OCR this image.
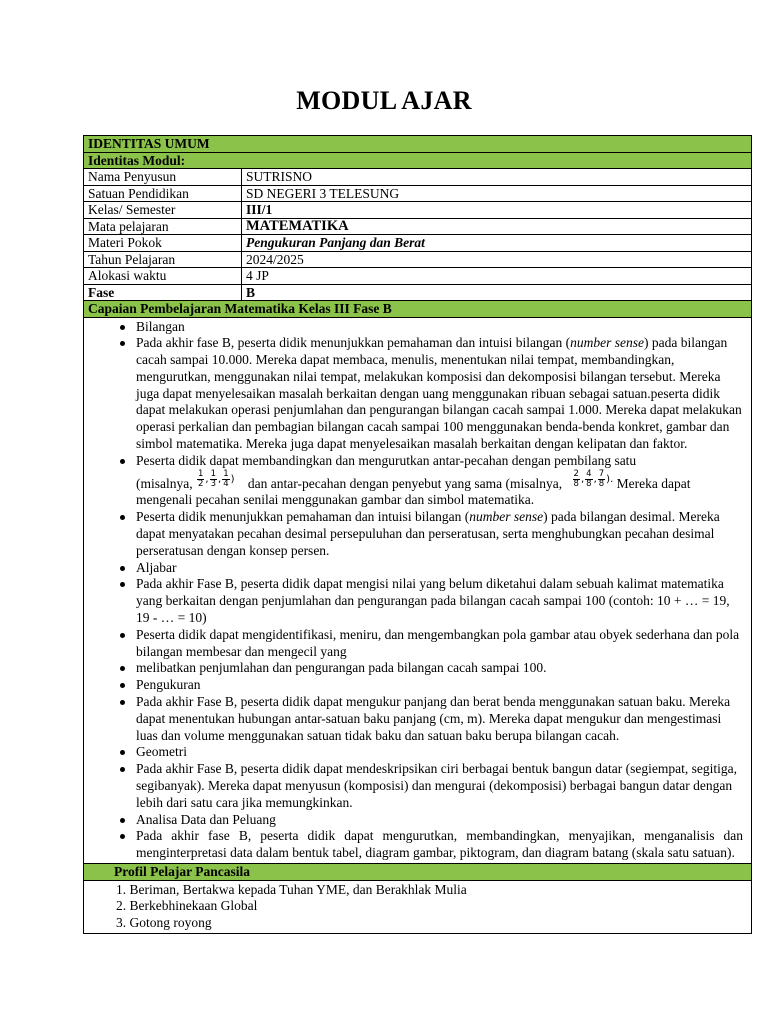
MODUL AJAR
IDENTITAS UMUM
Identitas Modul:
Nama Penyusun	SUTRISNO
Satuan Pendidikan	SD NEGERI 3 TELESUNG
Kelas/ Semester	III/1
Mata pelajaran	MATEMATIKA
Materi Pokok	Pengukuran Panjang dan Berat
Tahun Pelajaran	2024/2025
Alokasi waktu	4 JP
Fase	B
Capaian Pembelajaran Matematika Kelas III Fase B
Bilangan
Pada akhir fase B, peserta didik menunjukkan pemahaman dan intuisi bilangan (number sense) pada bilangan cacah sampai 10.000. Mereka dapat membaca, menulis, menentukan nilai tempat, membandingkan, mengurutkan, menggunakan nilai tempat, melakukan komposisi dan dekomposisi bilangan tersebut. Mereka juga dapat menyelesaikan masalah berkaitan dengan uang menggunakan ribuan sebagai satuan.peserta didik dapat melakukan operasi penjumlahan dan pengurangan bilangan cacah sampai 1.000. Mereka dapat melakukan operasi perkalian dan pembagian bilangan cacah sampai 100 menggunakan benda-benda konkret, gambar dan simbol matematika. Mereka juga dapat menyelesaikan masalah berkaitan dengan kelipatan dan faktor.
Peserta didik dapat membandingkan dan mengurutkan antar-pecahan dengan pembilang satu
(misalnya, $\frac{1}{2}$ , $\frac{1}{3}$ , $\frac{1}{4}$ ) dan antar-pecahan dengan penyebut yang sama (misalnya, $\frac{2}{8}$ , $\frac{4}{8}$ , $\frac{7}{8}$ ). Mereka dapat mengenali pecahan senilai menggunakan gambar dan simbol matematika.
Peserta didik menunjukkan pemahaman dan intuisi bilangan (number sense) pada bilangan desimal. Mereka dapat menyatakan pecahan desimal persepuluhan dan perseratusan, serta menghubungkan pecahan desimal perseratusan dengan konsep persen.
Aljabar
Pada akhir Fase B, peserta didik dapat mengisi nilai yang belum diketahui dalam sebuah kalimat matematika yang berkaitan dengan penjumlahan dan pengurangan pada bilangan cacah sampai 100 (contoh: 10 + … = 19, 19 - … = 10)
Peserta didik dapat mengidentifikasi, meniru, dan mengembangkan pola gambar atau obyek sederhana dan pola bilangan membesar dan mengecil yang
melibatkan penjumlahan dan pengurangan pada bilangan cacah sampai 100.
Pengukuran
Pada akhir Fase B, peserta didik dapat mengukur panjang dan berat benda menggunakan satuan baku. Mereka dapat menentukan hubungan antar-satuan baku panjang (cm, m). Mereka dapat mengukur dan mengestimasi luas dan volume menggunakan satuan tidak baku dan satuan baku berupa bilangan cacah.
Geometri
Pada akhir Fase B, peserta didik dapat mendeskripsikan ciri berbagai bentuk bangun datar (segiempat, segitiga, segibanyak). Mereka dapat menyusun (komposisi) dan mengurai (dekomposisi) berbagai bangun datar dengan lebih dari satu cara jika memungkinkan.
Analisa Data dan Peluang
Pada akhir fase B, peserta didik dapat mengurutkan, membandingkan, menyajikan, menganalisis dan menginterpretasi data dalam bentuk tabel, diagram gambar, piktogram, dan diagram batang (skala satu satuan).
Profil Pelajar Pancasila
1. Beriman, Bertakwa kepada Tuhan YME, dan Berakhlak Mulia
2. Berkebhinekaan Global
3. Gotong royong
